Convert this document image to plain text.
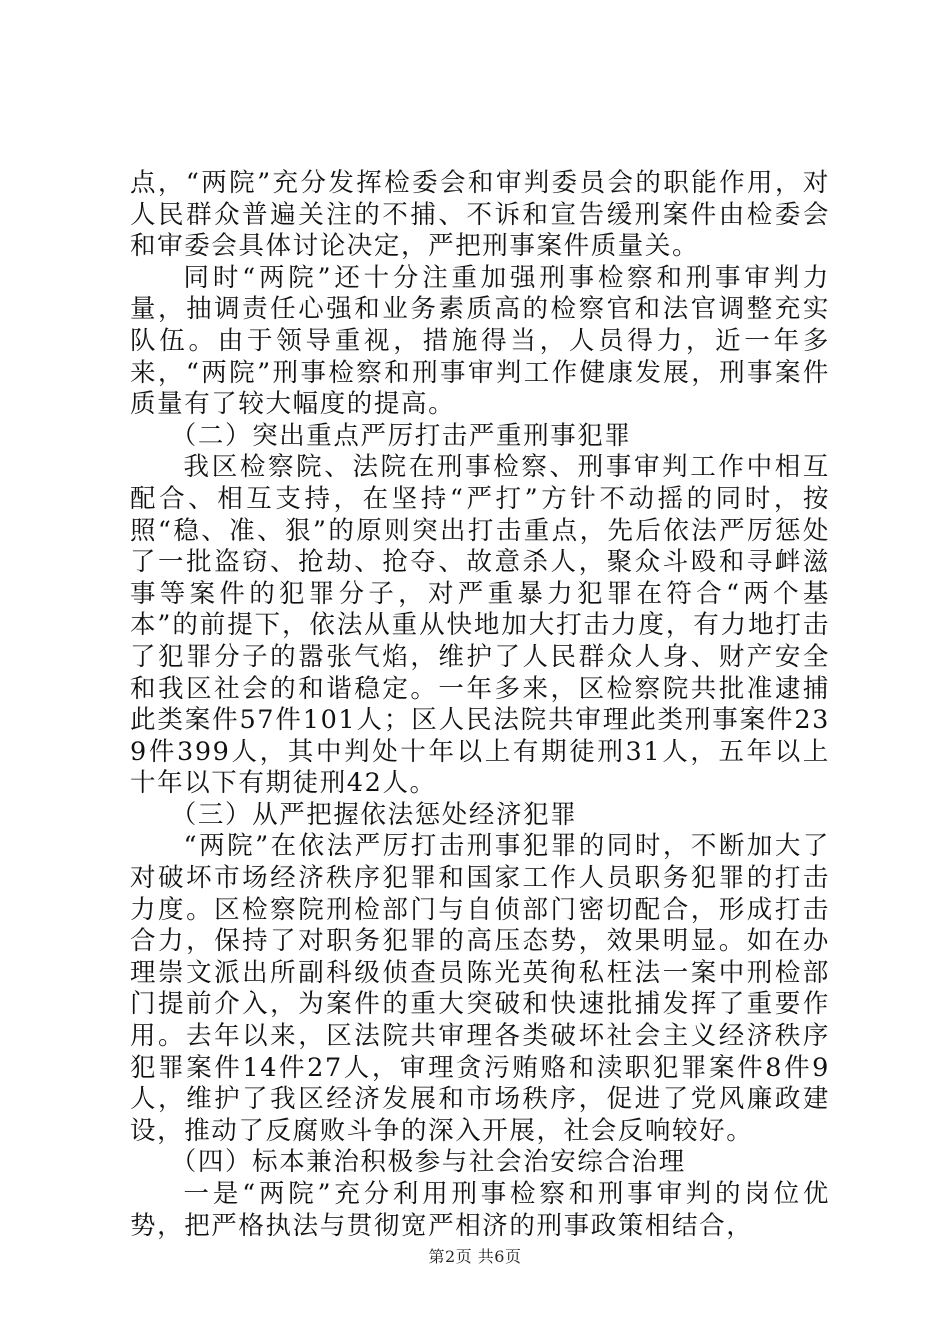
点，“两院”充分发挥检委会和审判委员会的职能作用，对人民群众普遍关注的不捕、不诉和宣告缓刑案件由检委会和审委会具体讨论决定，严把刑事案件质量关。

同时“两院”还十分注重加强刑事检察和刑事审判力量，抽调责任心强和业务素质高的检察官和法官调整充实队伍。由于领导重视，措施得当，人员得力，近一年多来，“两院”刑事检察和刑事审判工作健康发展，刑事案件质量有了较大幅度的提高。

（二）突出重点严厉打击严重刑事犯罪

我区检察院、法院在刑事检察、刑事审判工作中相互配合、相互支持，在坚持“严打”方针不动摇的同时，按照“稳、准、狠”的原则突出打击重点，先后依法严厉惩处了一批盗窃、抢劫、抢夺、故意杀人，聚众斗殴和寻衅滋事等案件的犯罪分子，对严重暴力犯罪在符合“两个基本”的前提下，依法从重从快地加大打击力度，有力地打击了犯罪分子的嚣张气焰，维护了人民群众人身、财产安全和我区社会的和谐稳定。一年多来，区检察院共批准逮捕此类案件57件101人；区人民法院共审理此类刑事案件239件399人，其中判处十年以上有期徒刑31人，五年以上十年以下有期徒刑42人。

（三）从严把握依法惩处经济犯罪

“两院”在依法严厉打击刑事犯罪的同时，不断加大了对破坏市场经济秩序犯罪和国家工作人员职务犯罪的打击力度。区检察院刑检部门与自侦部门密切配合，形成打击合力，保持了对职务犯罪的高压态势，效果明显。如在办理崇文派出所副科级侦查员陈光英徇私枉法一案中刑检部门提前介入，为案件的重大突破和快速批捕发挥了重要作用。去年以来，区法院共审理各类破坏社会主义经济秩序犯罪案件14件27人，审理贪污贿赂和渎职犯罪案件8件9人，维护了我区经济发展和市场秩序，促进了党风廉政建设，推动了反腐败斗争的深入开展，社会反响较好。

（四）标本兼治积极参与社会治安综合治理

一是“两院”充分利用刑事检察和刑事审判的岗位优势，把严格执法与贯彻宽严相济的刑事政策相结合，

第2页 共6页
